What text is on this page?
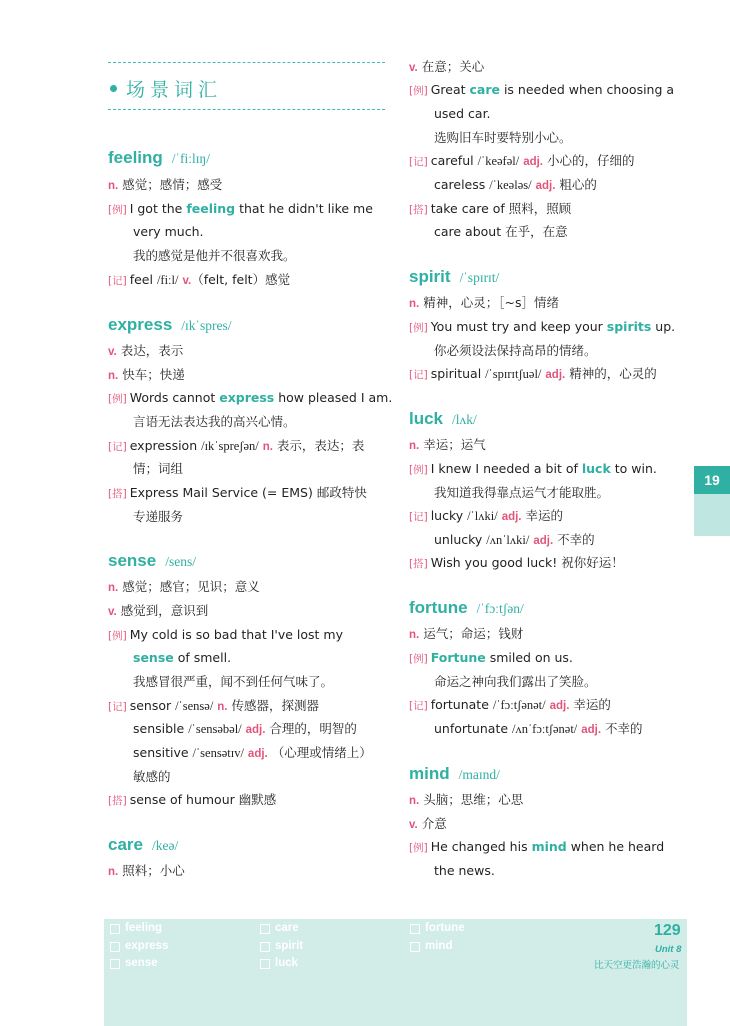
场景词汇
feeling /ˈfiːlɪŋ/
n. 感觉；感情；感受
[例] I got the feeling that he didn't like me
very much.
我的感觉是他并不很喜欢我。
[记] feel /fiːl/ v.（felt, felt）感觉
express /ɪkˈspres/
v. 表达，表示
n. 快车；快递
[例] Words cannot express how pleased I am.
言语无法表达我的高兴心情。
[记] expression /ɪkˈspreʃən/ n. 表示，表达；表
情；词组
[搭] Express Mail Service (= EMS) 邮政特快
专递服务
sense /sens/
n. 感觉；感官；见识；意义
v. 感觉到，意识到
[例] My cold is so bad that I've lost my
sense of smell.
我感冒很严重，闻不到任何气味了。
[记] sensor /ˈsensə/ n. 传感器，探测器
sensible /ˈsensəbəl/ adj. 合理的，明智的
sensitive /ˈsensətɪv/ adj. （心理或情绪上）
敏感的
[搭] sense of humour 幽默感
care /keə/
n. 照料；小心
v. 在意；关心
[例] Great care is needed when choosing a
used car.
选购旧车时要特别小心。
[记] careful /ˈkeəfəl/ adj. 小心的，仔细的
careless /ˈkeələs/ adj. 粗心的
[搭] take care of 照料，照顾
care about 在乎，在意
spirit /ˈspɪrɪt/
n. 精神，心灵；［~s］情绪
[例] You must try and keep your spirits up.
你必须设法保持高昂的情绪。
[记] spiritual /ˈspɪrɪtʃuəl/ adj. 精神的，心灵的
luck /lʌk/
n. 幸运；运气
[例] I knew I needed a bit of luck to win.
我知道我得靠点运气才能取胜。
[记] lucky /ˈlʌki/ adj. 幸运的
unlucky /ʌnˈlʌki/ adj. 不幸的
[搭] Wish you good luck! 祝你好运！
fortune /ˈfɔːtʃən/
n. 运气；命运；钱财
[例] Fortune smiled on us.
命运之神向我们露出了笑脸。
[记] fortunate /ˈfɔːtʃənət/ adj. 幸运的
unfortunate /ʌnˈfɔːtʃənət/ adj. 不幸的
mind /maɪnd/
n. 头脑；思维；心思
v. 介意
[例] He changed his mind when he heard
the news.
19
feeling
express
sense
care
spirit
luck
fortune
mind
129
Unit 8
比天空更浩瀚的心灵
